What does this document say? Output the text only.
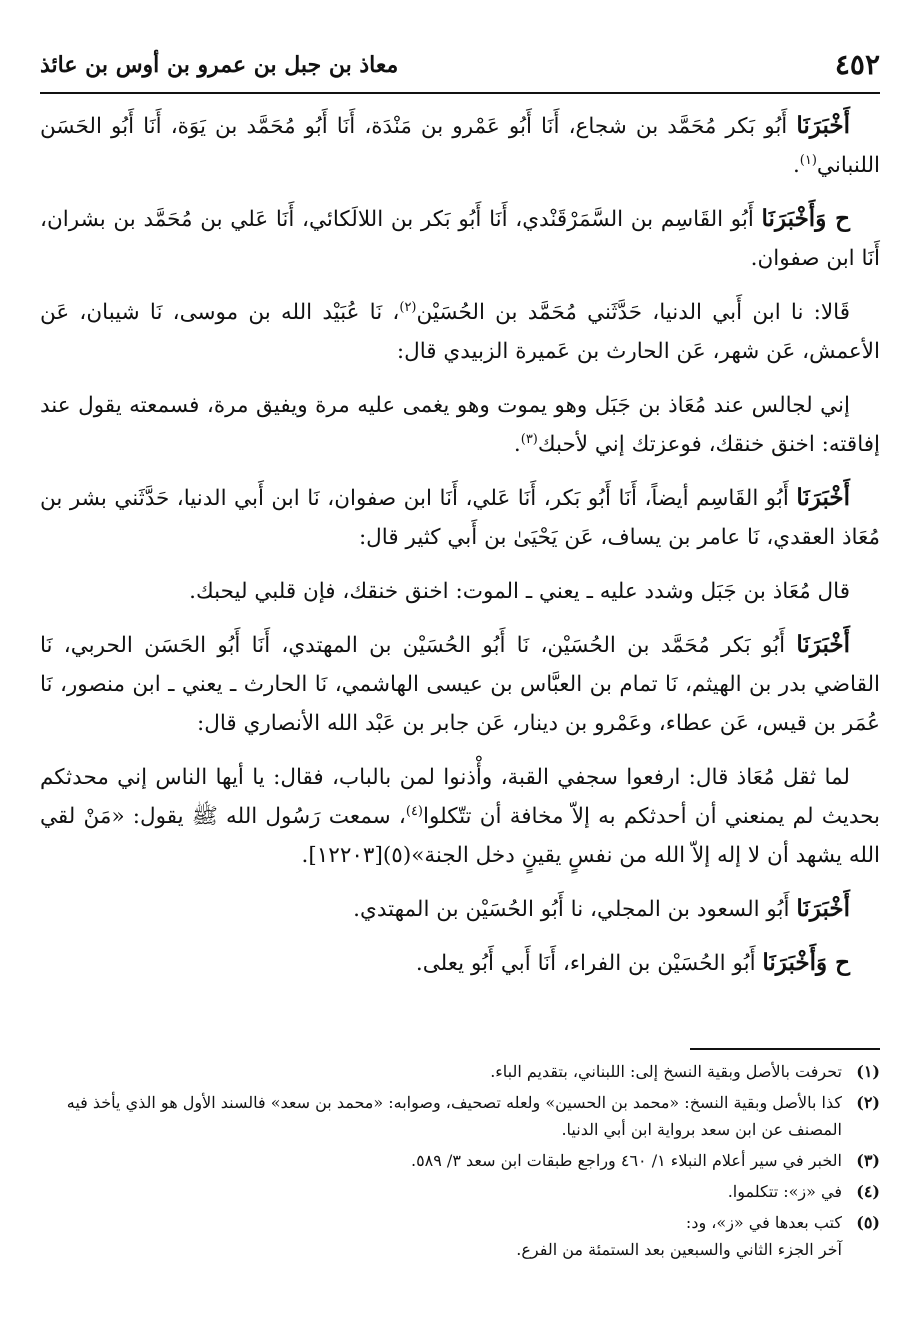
٤٥٢
معاذ بن جبل بن عمرو بن أوس بن عائذ

أَخْبَرَنَا أَبُو بَكر مُحَمَّد بن شجاع، أَنَا أَبُو عَمْرو بن مَنْدَة، أَنَا أَبُو مُحَمَّد بن يَوَة، أَنَا أَبُو الحَسَن اللنباني$^{(١)}$.

ح وَأَخْبَرَنَا أَبُو القَاسِم بن السَّمَرْقَنْدي، أَنَا أَبُو بَكر بن اللالَكائي، أَنَا عَلي بن مُحَمَّد بن بشران، أَنَا ابن صفوان.

قَالا: نا ابن أَبي الدنيا، حَدَّثَني مُحَمَّد بن الحُسَيْن$^{(٢)}$، نَا عُبَيْد الله بن موسى، نَا شيبان، عَن الأعمش، عَن شهر، عَن الحارث بن عَميرة الزبيدي قال:

إني لجالس عند مُعَاذ بن جَبَل وهو يموت وهو يغمى عليه مرة ويفيق مرة، فسمعته يقول عند إفاقته: اخنق خنقك، فوعزتك إني لأحبك$^{(٣)}$.

أَخْبَرَنَا أَبُو القَاسِم أيضاً، أَنَا أَبُو بَكر، أَنَا عَلي، أَنَا ابن صفوان، نَا ابن أَبي الدنيا، حَدَّثَني بشر بن مُعَاذ العقدي، نَا عامر بن يساف، عَن يَحْيَىٰ بن أَبي كثير قال:

قال مُعَاذ بن جَبَل وشدد عليه ـ يعني ـ الموت: اخنق خنقك، فإن قلبي ليحبك.

أَخْبَرَنَا أَبُو بَكر مُحَمَّد بن الحُسَيْن، نَا أَبُو الحُسَيْن بن المهتدي، أَنَا أَبُو الحَسَن الحربي، نَا القاضي بدر بن الهيثم، نَا تمام بن العبَّاس بن عيسى الهاشمي، نَا الحارث ـ يعني ـ ابن منصور، نَا عُمَر بن قيس، عَن عطاء، وعَمْرو بن دينار، عَن جابر بن عَبْد الله الأنصاري قال:

لما ثقل مُعَاذ قال: ارفعوا سجفي القبة، وأْذنوا لمن بالباب، فقال: يا أيها الناس إني محدثكم بحديث لم يمنعني أن أحدثكم به إلاّ مخافة أن تتّكلوا$^{(٤)}$، سمعت رَسُول الله ﷺ يقول: «مَنْ لقي الله يشهد أن لا إله إلاّ الله من نفسٍ يقينٍ دخل الجنة»(٥)[١٢٢٠٣].

أَخْبَرَنَا أَبُو السعود بن المجلي، نا أَبُو الحُسَيْن بن المهتدي.

ح وَأَخْبَرَنَا أَبُو الحُسَيْن بن الفراء، أَنَا أَبي أَبُو يعلى.

(١)
تحرفت بالأصل وبقية النسخ إلى: اللبناني، بتقديم الباء.
(٢)
كذا بالأصل وبقية النسخ: «محمد بن الحسين» ولعله تصحيف، وصوابه: «محمد بن سعد» فالسند الأول هو الذي يأخذ فيه المصنف عن ابن سعد برواية ابن أبي الدنيا.
(٣)
الخبر في سير أعلام النبلاء ١/ ٤٦٠ وراجع طبقات ابن سعد ٣/ ٥٨٩.
(٤)
في «ز»: تتكلموا.
(٥)
كتب بعدها في «ز»، ود:
آخر الجزء الثاني والسبعين بعد الستمئة من الفرع.
